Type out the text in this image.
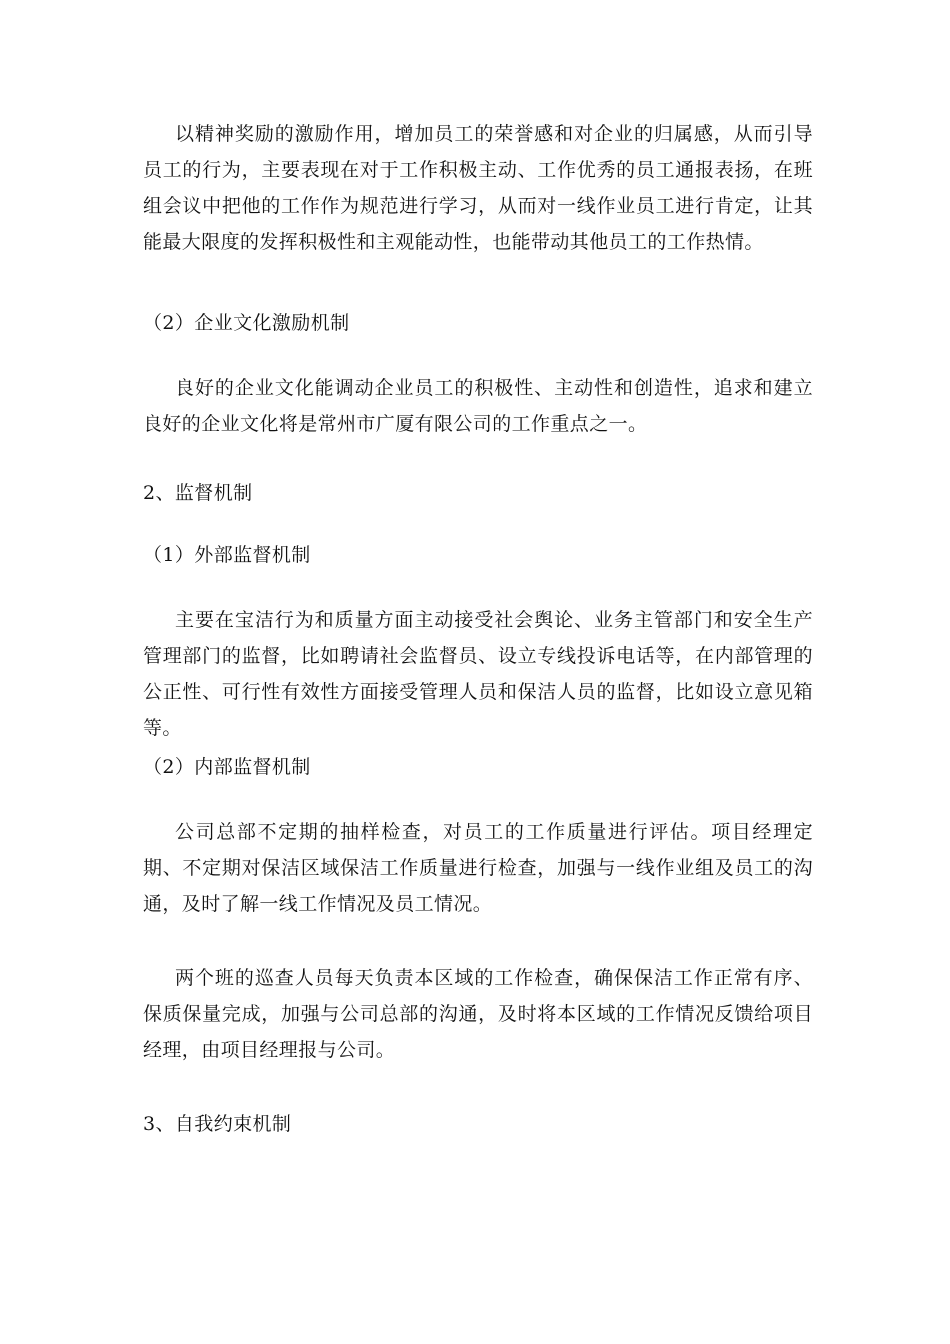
以精神奖励的激励作用，增加员工的荣誉感和对企业的归属感，从而引导员工的行为，主要表现在对于工作积极主动、工作优秀的员工通报表扬，在班组会议中把他的工作作为规范进行学习，从而对一线作业员工进行肯定，让其能最大限度的发挥积极性和主观能动性，也能带动其他员工的工作热情。

（2）企业文化激励机制

良好的企业文化能调动企业员工的积极性、主动性和创造性，追求和建立良好的企业文化将是常州市广厦有限公司的工作重点之一。

2、监督机制

（1）外部监督机制

主要在宝洁行为和质量方面主动接受社会舆论、业务主管部门和安全生产管理部门的监督，比如聘请社会监督员、设立专线投诉电话等，在内部管理的公正性、可行性有效性方面接受管理人员和保洁人员的监督，比如设立意见箱等。

（2）内部监督机制

公司总部不定期的抽样检查，对员工的工作质量进行评估。项目经理定期、不定期对保洁区域保洁工作质量进行检查，加强与一线作业组及员工的沟通，及时了解一线工作情况及员工情况。

两个班的巡查人员每天负责本区域的工作检查，确保保洁工作正常有序、保质保量完成，加强与公司总部的沟通，及时将本区域的工作情况反馈给项目经理，由项目经理报与公司。

3、自我约束机制
